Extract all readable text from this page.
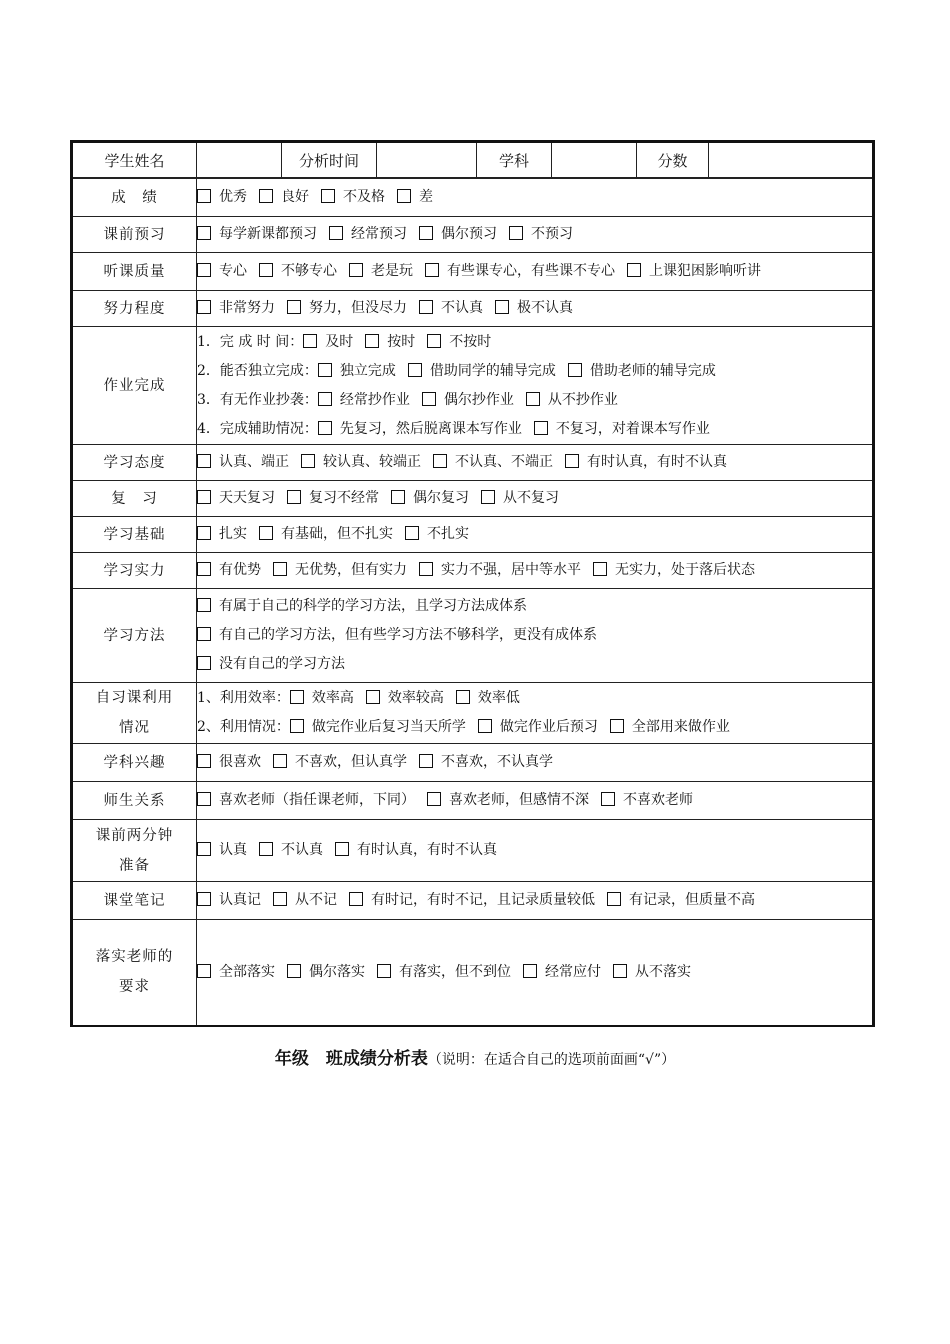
学生姓名		分析时间		学科		分数	
成　绩	优秀 良好 不及格 差

课前预习	每学新课都预习 经常预习 偶尔预习 不预习

听课质量	专心 不够专心 老是玩 有些课专心，有些课不专心 上课犯困影响听讲

努力程度	非常努力 努力，但没尽力 不认真 极不认真

作业完成	1．完 成 时 间： 及时 按时 不按时
2．能否独立完成： 独立完成 借助同学的辅导完成 借助老师的辅导完成
3．有无作业抄袭： 经常抄作业 偶尔抄作业 从不抄作业
4．完成辅助情况： 先复习，然后脱离课本写作业 不复习，对着课本写作业

学习态度	认真、端正 较认真、较端正 不认真、不端正 有时认真，有时不认真

复　习	天天复习 复习不经常 偶尔复习 从不复习

学习基础	扎实 有基础，但不扎实 不扎实

学习实力	有优势 无优势，但有实力 实力不强，居中等水平 无实力，处于落后状态

学习方法	有属于自己的科学的学习方法，且学习方法成体系
有自己的学习方法，但有些学习方法不够科学，更没有成体系
没有自己的学习方法

自习课利用情况	1、利用效率： 效率高 效率较高 效率低
2、利用情况： 做完作业后复习当天所学 做完作业后预习 全部用来做作业

学科兴趣	很喜欢 不喜欢，但认真学 不喜欢，不认真学

师生关系	喜欢老师（指任课老师，下同） 喜欢老师，但感情不深 不喜欢老师

课前两分钟准备	认真 不认真 有时认真，有时不认真

课堂笔记	认真记 从不记 有时记，有时不记，且记录质量较低 有记录，但质量不高

落实老师的要求	全部落实 偶尔落实 有落实，但不到位 经常应付 从不落实
年级　班成绩分析表（说明：在适合自己的选项前面画“√”）
